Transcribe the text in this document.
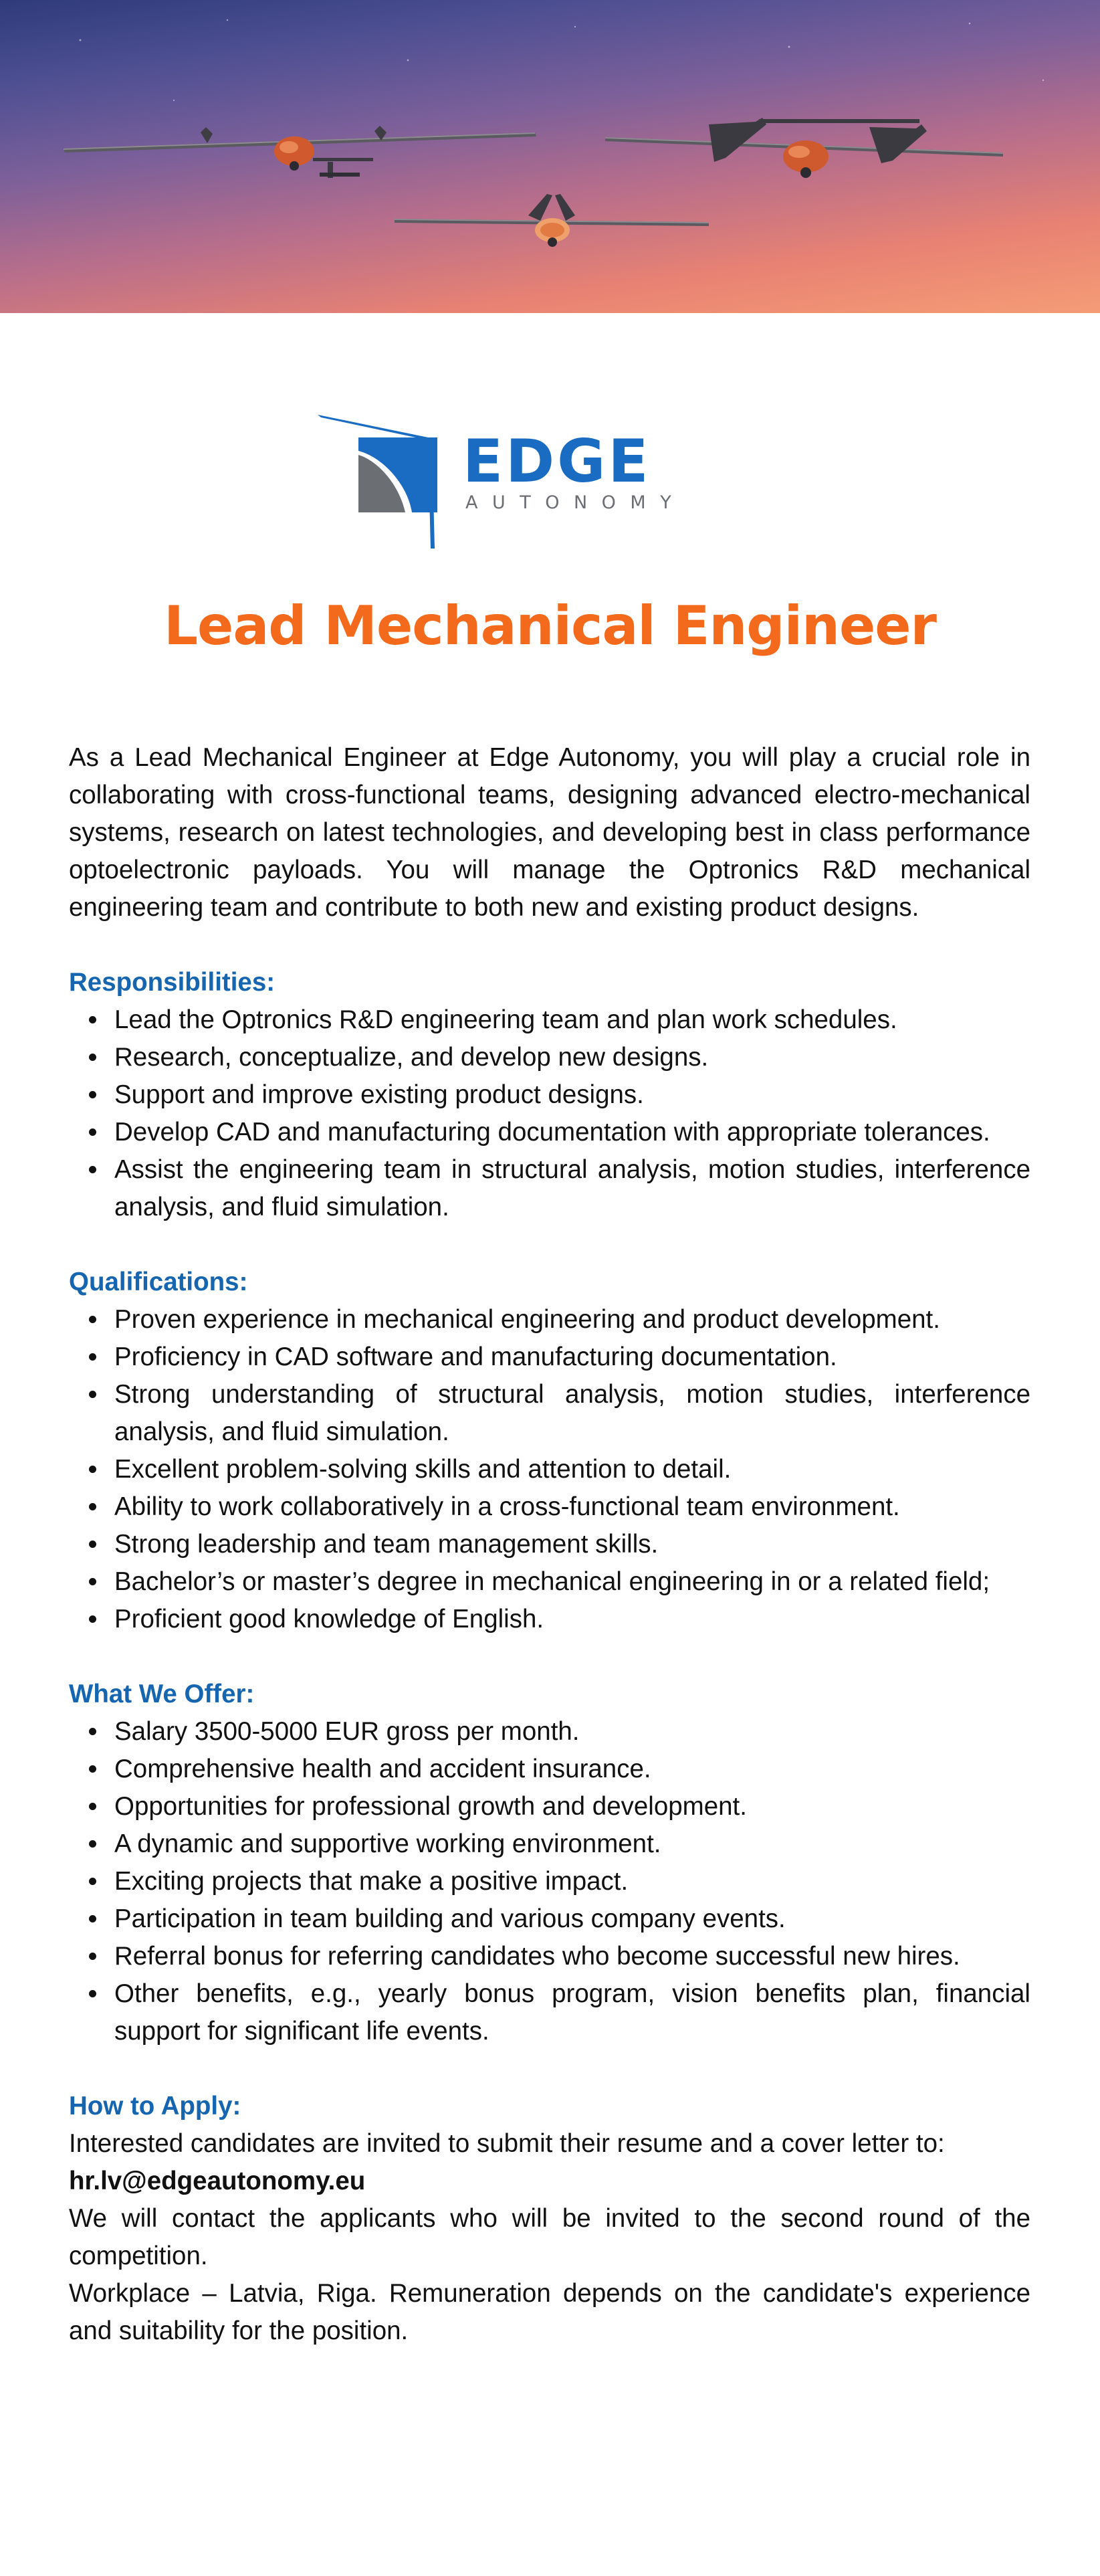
EDGE
AUTONOMY
Lead Mechanical Engineer

As a Lead Mechanical Engineer at Edge Autonomy, you will play a crucial role in collaborating with cross-functional teams, designing advanced electro-mechanical systems, research on latest technologies, and developing best in class performance optoelectronic payloads. You will manage the Optronics R&D mechanical engineering team and contribute to both new and existing product designs.

Responsibilities:
Lead the Optronics R&D engineering team and plan work schedules.
Research, conceptualize, and develop new designs.
Support and improve existing product designs.
Develop CAD and manufacturing documentation with appropriate tolerances.
Assist the engineering team in structural analysis, motion studies, interference analysis, and fluid simulation.
Qualifications:
Proven experience in mechanical engineering and product development.
Proficiency in CAD software and manufacturing documentation.
Strong understanding of structural analysis, motion studies, interference analysis, and fluid simulation.
Excellent problem-solving skills and attention to detail.
Ability to work collaboratively in a cross-functional team environment.
Strong leadership and team management skills.
Bachelor’s or master’s degree in mechanical engineering in or a related field;
Proficient good knowledge of English.
What We Offer:
Salary 3500-5000 EUR gross per month.
Comprehensive health and accident insurance.
Opportunities for professional growth and development.
A dynamic and supportive working environment.
Exciting projects that make a positive impact.
Participation in team building and various company events.
Referral bonus for referring candidates who become successful new hires.
Other benefits, e.g., yearly bonus program, vision benefits plan, financial support for significant life events.
How to Apply:

Interested candidates are invited to submit their resume and a cover letter to:

hr.lv@edgeautonomy.eu

We will contact the applicants who will be invited to the second round of the competition.

Workplace – Latvia, Riga. Remuneration depends on the candidate's experience and suitability for the position.
